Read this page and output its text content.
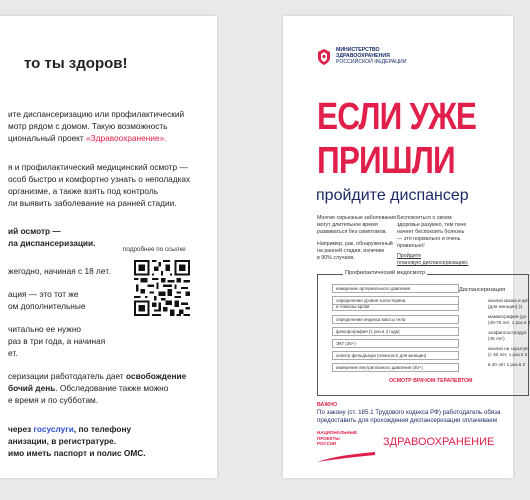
то ты здоров!
ите диспансеризацию или профилактический
мотр рядом с домом. Такую возможность
циональный проект «Здравоохранение».
я и профилактический медицинский осмотр —
особ быстро и комфортно узнать о неполадках
организме, а также взять под контроль
ли выявить заболевание на ранней стадии.
ий осмотр —
ла диспансеризации.
жегодно, начиная с 18 лет.
ация — это тот же
ом дополнительные
читально ее нужно
раз в три года, а начиная
ет.
серизации работодатель дает освобождение
бочий день. Обследование также можно
е время и по субботам.
через госуслуги, по телефону
анизации, в регистратуре.
имо иметь паспорт и полис ОМС.
подробнее по ссылке
МИНИСТЕРСТВО
ЗДРАВООХРАНЕНИЯ
РОССИЙСКОЙ ФЕДЕРАЦИИ
ЕСЛИ УЖЕ
ПРИШЛИ
пройдите диспансер
Многие серьезные заболевания
могут длительное время
развиваться без симптомов.
Например, рак, обнаруженный
на ранней стадии, излечим
в 90% случаев.
Беспокоиться о своем
здоровье разумно, тем паче
начнет беспокоить болезнь
— это нормально и очень
правильно!
Пройдите
плановую диспансеризацию.
Профилактический медосмотр
Диспансеризация
измерение артериального давления
определение уровня холестерина
и глюкозы крови
определение индекса массы тела
флюорография (1 раз в 2 года)
ЭКГ (35+)
осмотр фельдшера (гинеколог для женщин)
измерение внутриглазного давления (40+)
анализ мазка и цит
(для женщин) (1
маммография (дл
(40-75 лет, 1 раз в 2
эзофагогастродуо
(45 лет)
анализ на скрытую
(с 40 лет, 1 раз в 2
в 40 лет 1 раз в 2
ОСМОТР ВРАЧОМ-ТЕРАПЕВТОМ
ВАЖНО
По закону (ст. 185.1 Трудового кодекса РФ) работодатель обяза
предоставить для прохождения диспансеризации оплачиваем
НАЦИОНАЛЬНЫЕ
ПРОЕКТЫ
РОССИИ	ЗДРАВООХРАНЕНИЕ
